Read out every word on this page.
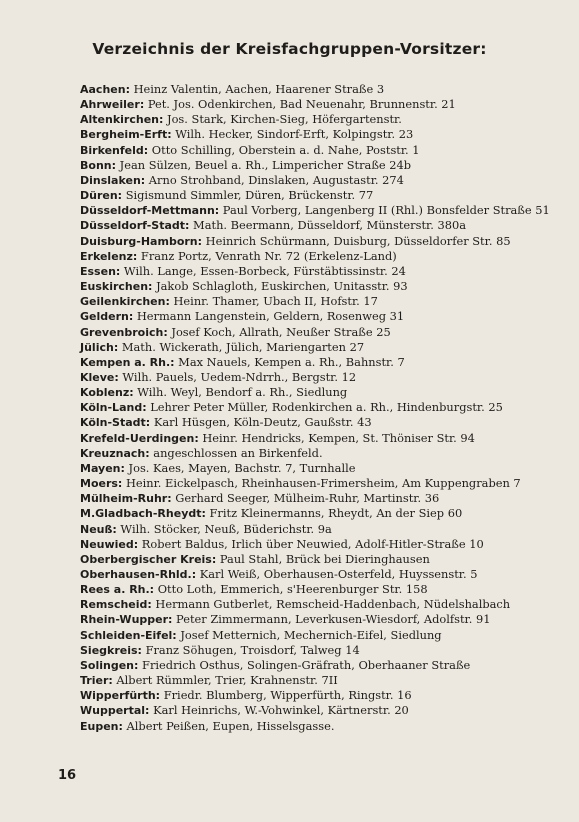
Verzeichnis der Kreisfachgruppen-Vorsitzer:
Aachen: Heinz Valentin, Aachen, Haarener Straße 3
Ahrweiler: Pet. Jos. Odenkirchen, Bad Neuenahr, Brunnenstr. 21
Altenkirchen: Jos. Stark, Kirchen-Sieg, Höfergartenstr.
Bergheim-Erft: Wilh. Hecker, Sindorf-Erft, Kolpingstr. 23
Birkenfeld: Otto Schilling, Oberstein a. d. Nahe, Poststr. 1
Bonn: Jean Sülzen, Beuel a. Rh., Limpericher Straße 24b
Dinslaken: Arno Strohband, Dinslaken, Augustastr. 274
Düren: Sigismund Simmler, Düren, Brückenstr. 77
Düsseldorf-Mettmann: Paul Vorberg, Langenberg II (Rhl.) Bonsfelder Straße 51
Düsseldorf-Stadt: Math. Beermann, Düsseldorf, Münsterstr. 380a
Duisburg-Hamborn: Heinrich Schürmann, Duisburg, Düsseldorfer Str. 85
Erkelenz: Franz Portz, Venrath Nr. 72 (Erkelenz-Land)
Essen: Wilh. Lange, Essen-Borbeck, Fürstäbtissinstr. 24
Euskirchen: Jakob Schlagloth, Euskirchen, Unitasstr. 93
Geilenkirchen: Heinr. Thamer, Ubach II, Hofstr. 17
Geldern: Hermann Langenstein, Geldern, Rosenweg 31
Grevenbroich: Josef Koch, Allrath, Neußer Straße 25
Jülich: Math. Wickerath, Jülich, Mariengarten 27
Kempen a. Rh.: Max Nauels, Kempen a. Rh., Bahnstr. 7
Kleve: Wilh. Pauels, Uedem-Ndrrh., Bergstr. 12
Koblenz: Wilh. Weyl, Bendorf a. Rh., Siedlung
Köln-Land: Lehrer Peter Müller, Rodenkirchen a. Rh., Hindenburgstr. 25
Köln-Stadt: Karl Hüsgen, Köln-Deutz, Gaußstr. 43
Krefeld-Uerdingen: Heinr. Hendricks, Kempen, St. Thöniser Str. 94
Kreuznach: angeschlossen an Birkenfeld.
Mayen: Jos. Kaes, Mayen, Bachstr. 7, Turnhalle
Moers: Heinr. Eickelpasch, Rheinhausen-Frimersheim, Am Kuppengraben 7
Mülheim-Ruhr: Gerhard Seeger, Mülheim-Ruhr, Martinstr. 36
M.Gladbach-Rheydt: Fritz Kleinermanns, Rheydt, An der Siep 60
Neuß: Wilh. Stöcker, Neuß, Büderichstr. 9a
Neuwied: Robert Baldus, Irlich über Neuwied, Adolf-Hitler-Straße 10
Oberbergischer Kreis: Paul Stahl, Brück bei Dieringhausen
Oberhausen-Rhld.: Karl Weiß, Oberhausen-Osterfeld, Huyssenstr. 5
Rees a. Rh.: Otto Loth, Emmerich, s'Heerenburger Str. 158
Remscheid: Hermann Gutberlet, Remscheid-Haddenbach, Nüdelshalbach
Rhein-Wupper: Peter Zimmermann, Leverkusen-Wiesdorf, Adolfstr. 91
Schleiden-Eifel: Josef Metternich, Mechernich-Eifel, Siedlung
Siegkreis: Franz Söhugen, Troisdorf, Talweg 14
Solingen: Friedrich Osthus, Solingen-Gräfrath, Oberhaaner Straße
Trier: Albert Rümmler, Trier, Krahnenstr. 7II
Wipperfürth: Friedr. Blumberg, Wipperfürth, Ringstr. 16
Wuppertal: Karl Heinrichs, W.-Vohwinkel, Kärtnerstr. 20
Eupen: Albert Peißen, Eupen, Hisselsgasse.
16
